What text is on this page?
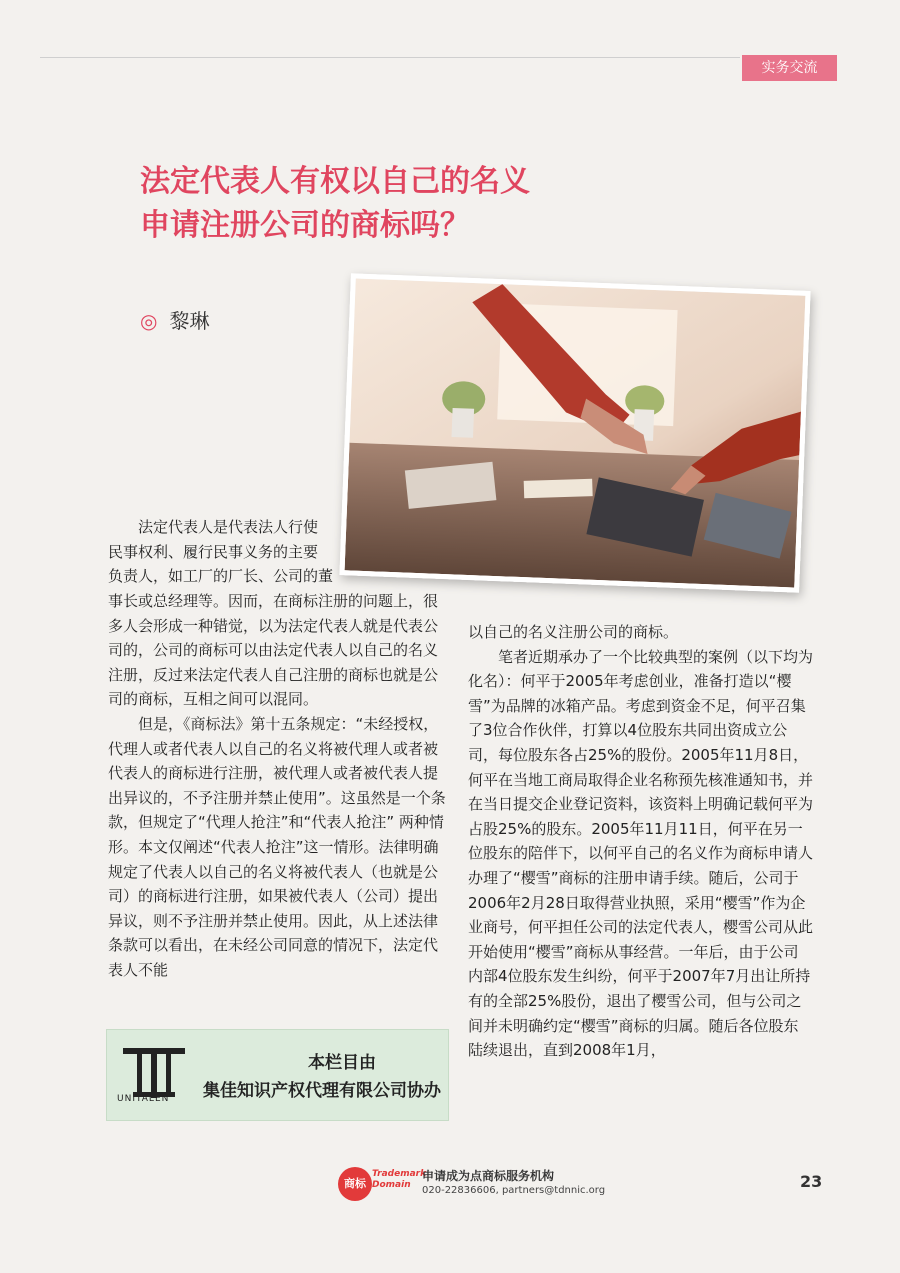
实务交流
法定代表人有权以自己的名义
申请注册公司的商标吗？
◎ 黎琳

法定代表人是代表法人行使

民事权利、履行民事义务的主要

负责人，如工厂的厂长、公司的董

事长或总经理等。因而，在商标注册的问题上，很多人会形成一种错觉，以为法定代表人就是代表公司的，公司的商标可以由法定代表人以自己的名义注册，反过来法定代表人自己注册的商标也就是公司的商标，互相之间可以混同。

但是，《商标法》第十五条规定：“未经授权，代理人或者代表人以自己的名义将被代理人或者被代表人的商标进行注册，被代理人或者被代表人提出异议的，不予注册并禁止使用”。这虽然是一个条款，但规定了“代理人抢注”和“代表人抢注” 两种情形。本文仅阐述“代表人抢注”这一情形。法律明确规定了代表人以自己的名义将被代表人（也就是公司）的商标进行注册，如果被代表人（公司）提出异议，则不予注册并禁止使用。因此，从上述法律条款可以看出，在未经公司同意的情况下，法定代表人不能

UNITALEN
本栏目由
集佳知识产权代理有限公司协办

以自己的名义注册公司的商标。

笔者近期承办了一个比较典型的案例（以下均为化名）：何平于2005年考虑创业，准备打造以“樱雪”为品牌的冰箱产品。考虑到资金不足，何平召集了3位合作伙伴，打算以4位股东共同出资成立公司，每位股东各占25%的股份。2005年11月8日，何平在当地工商局取得企业名称预先核准通知书，并在当日提交企业登记资料，该资料上明确记载何平为占股25%的股东。2005年11月11日，何平在另一位股东的陪伴下，以何平自己的名义作为商标申请人办理了“樱雪”商标的注册申请手续。随后，公司于2006年2月28日取得营业执照，采用“樱雪”作为企业商号，何平担任公司的法定代表人，樱雪公司从此开始使用“樱雪”商标从事经营。一年后，由于公司内部4位股东发生纠纷，何平于2007年7月出让所持有的全部25%股份，退出了樱雪公司，但与公司之间并未明确约定“樱雪”商标的归属。随后各位股东陆续退出，直到2008年1月，

商标
Trademark
Domain
申请成为点商标服务机构
020-22836606, partners@tdnnic.org	23
